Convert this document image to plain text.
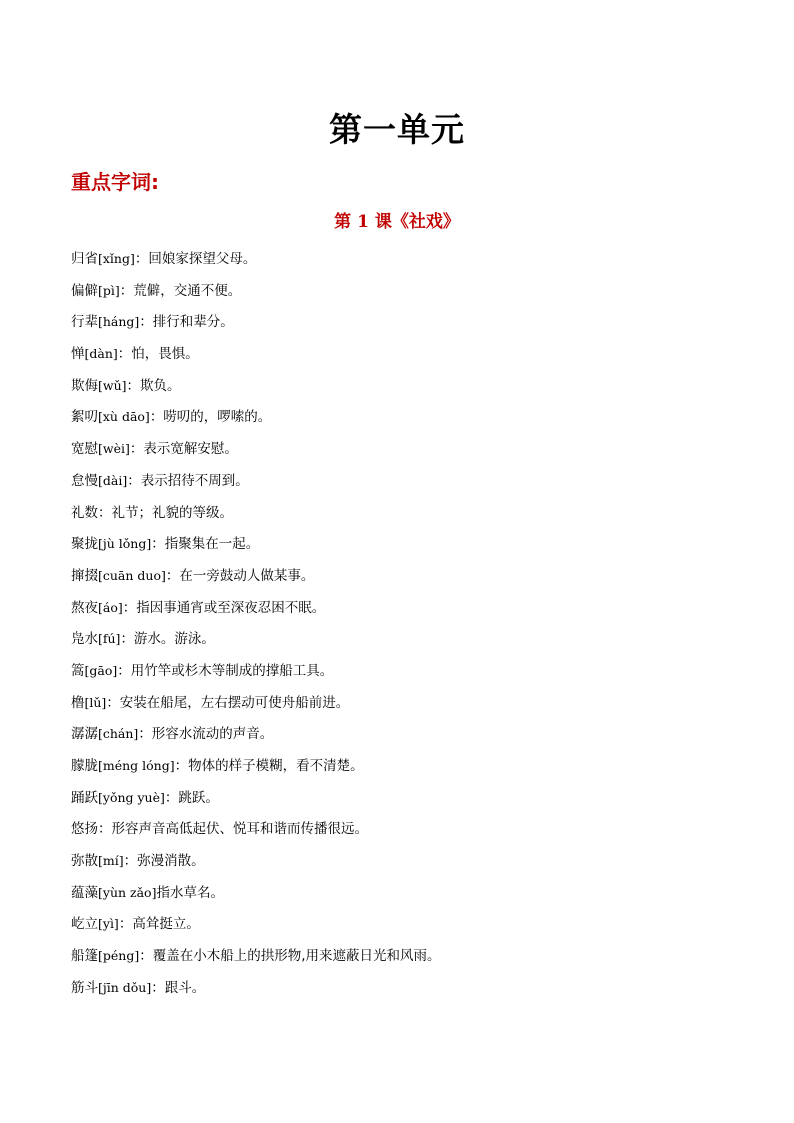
第一单元
重点字词:
第 1 课《社戏》
归省[xǐng]：回娘家探望父母。
偏僻[pì]：荒僻，交通不便。
行辈[háng]：排行和辈分。
惮[dàn]：怕，畏惧。
欺侮[wǔ]：欺负。
絮叨[xù dāo]：唠叨的，啰嗦的。
宽慰[wèi]：表示宽解安慰。
怠慢[dài]：表示招待不周到。
礼数：礼节；礼貌的等级。
聚拢[jù lǒng]：指聚集在一起。
撺掇[cuān duo]：在一旁鼓动人做某事。
熬夜[áo]：指因事通宵或至深夜忍困不眠。
凫水[fú]：游水。游泳。
篙[gāo]：用竹竿或杉木等制成的撑船工具。
橹[lǔ]：安装在船尾，左右摆动可使舟船前进。
潺潺[chán]：形容水流动的声音。
朦胧[méng lóng]：物体的样子模糊，看不清楚。
踊跃[yǒng yuè]：跳跃。
悠扬：形容声音高低起伏、悦耳和谐而传播很远。
弥散[mí]：弥漫消散。
蕴藻[yùn zǎo]指水草名。
屹立[yì]：高耸挺立。
船篷[péng]：覆盖在小木船上的拱形物,用来遮蔽日光和风雨。
筋斗[jīn dǒu]：跟斗。
